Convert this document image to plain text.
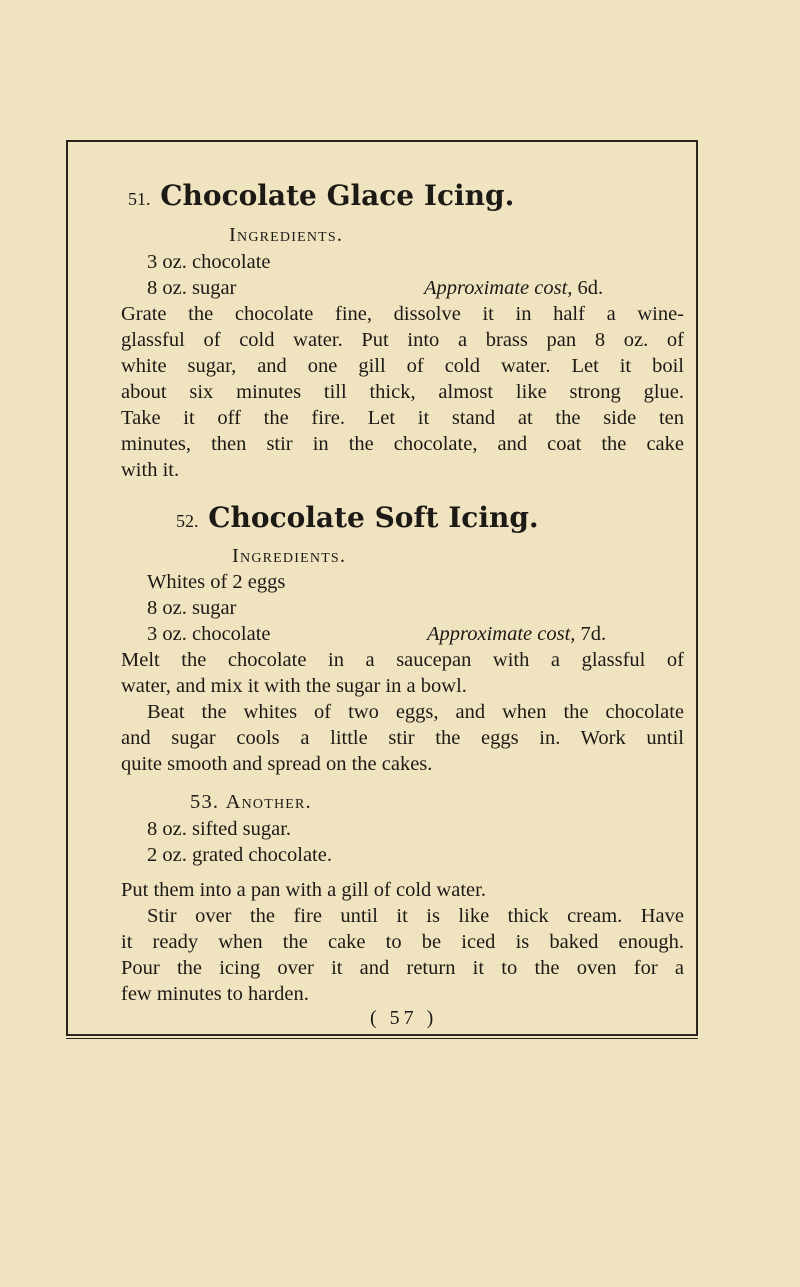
51. Chocolate Glace Icing.
Ingredients.
3 oz. chocolate
8 oz. sugar	Approximate cost, 6d.
Grate the chocolate fine, dissolve it in half a wine-
glassful of cold water. Put into a brass pan 8 oz. of
white sugar, and one gill of cold water. Let it boil
about six minutes till thick, almost like strong glue.
Take it off the fire. Let it stand at the side ten
minutes, then stir in the chocolate, and coat the cake
with it.
52. Chocolate Soft Icing.
Ingredients.
Whites of 2 eggs
8 oz. sugar
3 oz. chocolate	Approximate cost, 7d.
Melt the chocolate in a saucepan with a glassful of
water, and mix it with the sugar in a bowl.
Beat the whites of two eggs, and when the chocolate
and sugar cools a little stir the eggs in. Work until
quite smooth and spread on the cakes.
53. Another.
8 oz. sifted sugar.
2 oz. grated chocolate.
Put them into a pan with a gill of cold water.
Stir over the fire until it is like thick cream. Have
it ready when the cake to be iced is baked enough.
Pour the icing over it and return it to the oven for a
few minutes to harden.
( 57 )
